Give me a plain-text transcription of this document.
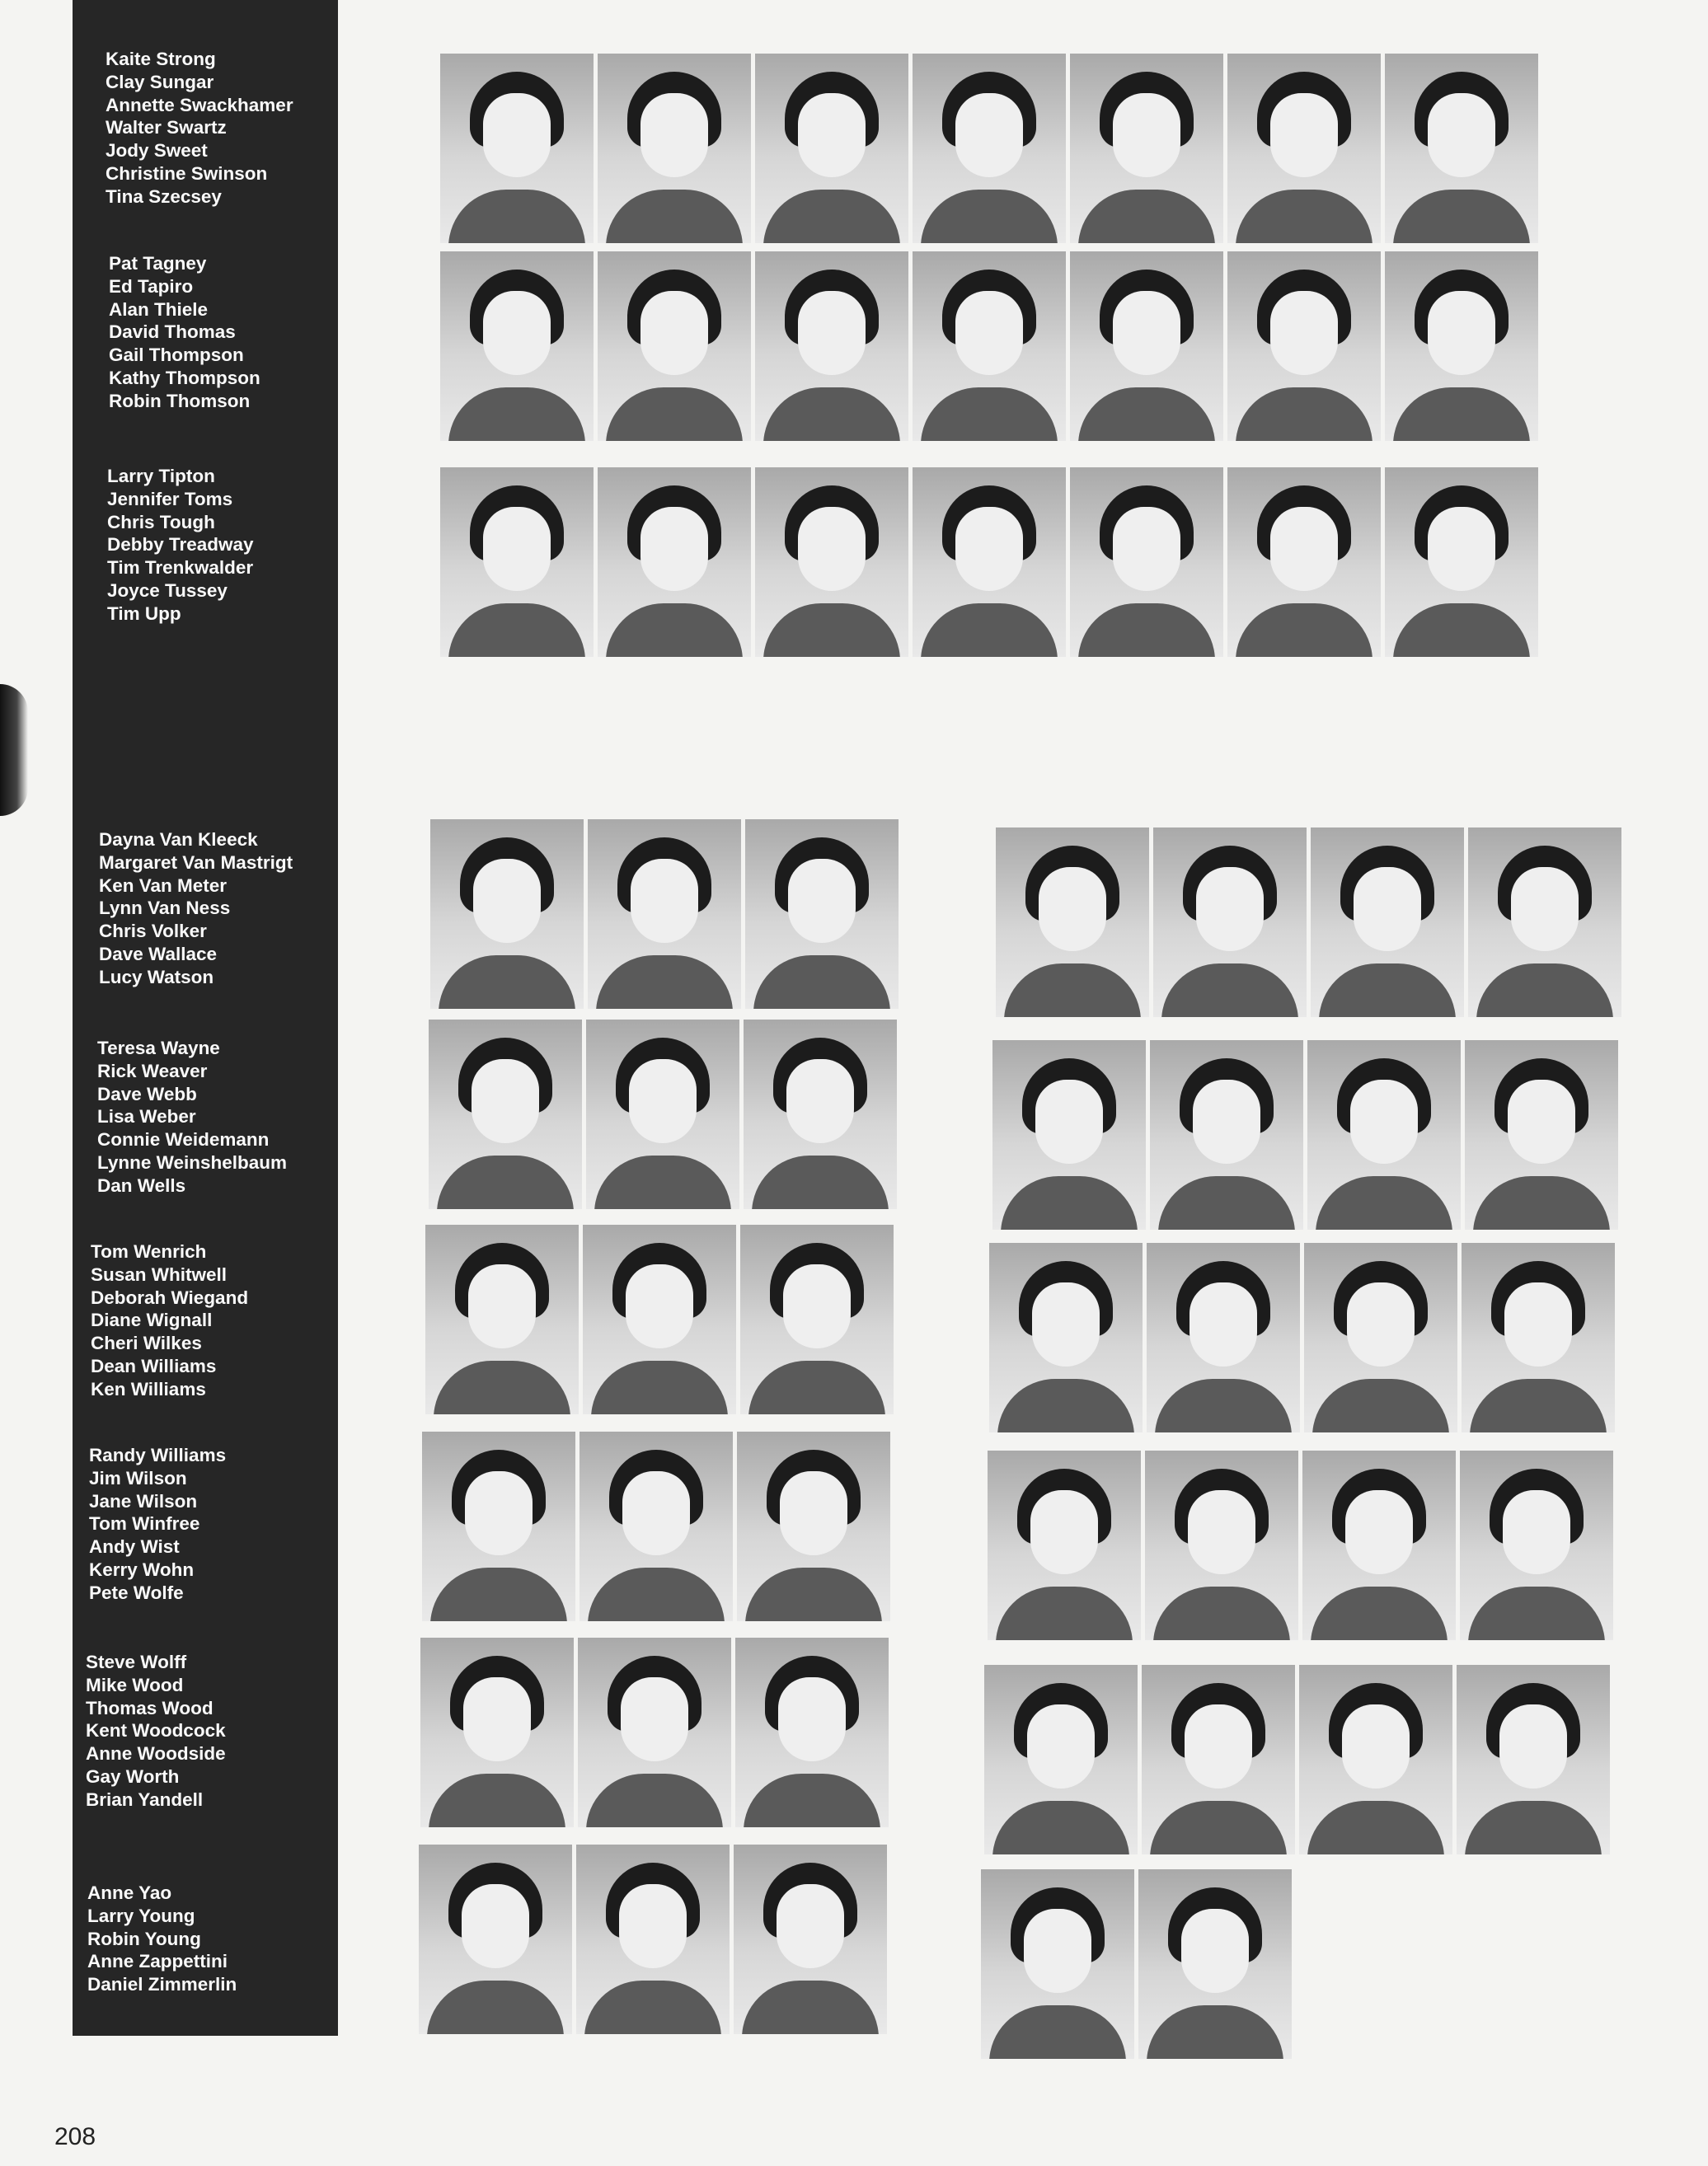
Kaite Strong
Clay Sungar
Annette Swackhamer
Walter Swartz
Jody Sweet
Christine Swinson
Tina Szecsey
Pat Tagney
Ed Tapiro
Alan Thiele
David Thomas
Gail Thompson
Kathy Thompson
Robin Thomson
Larry Tipton
Jennifer Toms
Chris Tough
Debby Treadway
Tim Trenkwalder
Joyce Tussey
Tim Upp
Dayna Van Kleeck
Margaret Van Mastrigt
Ken Van Meter
Lynn Van Ness
Chris Volker
Dave Wallace
Lucy Watson
Teresa Wayne
Rick Weaver
Dave Webb
Lisa Weber
Connie Weidemann
Lynne Weinshelbaum
Dan Wells
Tom Wenrich
Susan Whitwell
Deborah Wiegand
Diane Wignall
Cheri Wilkes
Dean Williams
Ken Williams
Randy Williams
Jim Wilson
Jane Wilson
Tom Winfree
Andy Wist
Kerry Wohn
Pete Wolfe
Steve Wolff
Mike Wood
Thomas Wood
Kent Woodcock
Anne Woodside
Gay Worth
Brian Yandell
Anne Yao
Larry Young
Robin Young
Anne Zappettini
Daniel Zimmerlin
208
